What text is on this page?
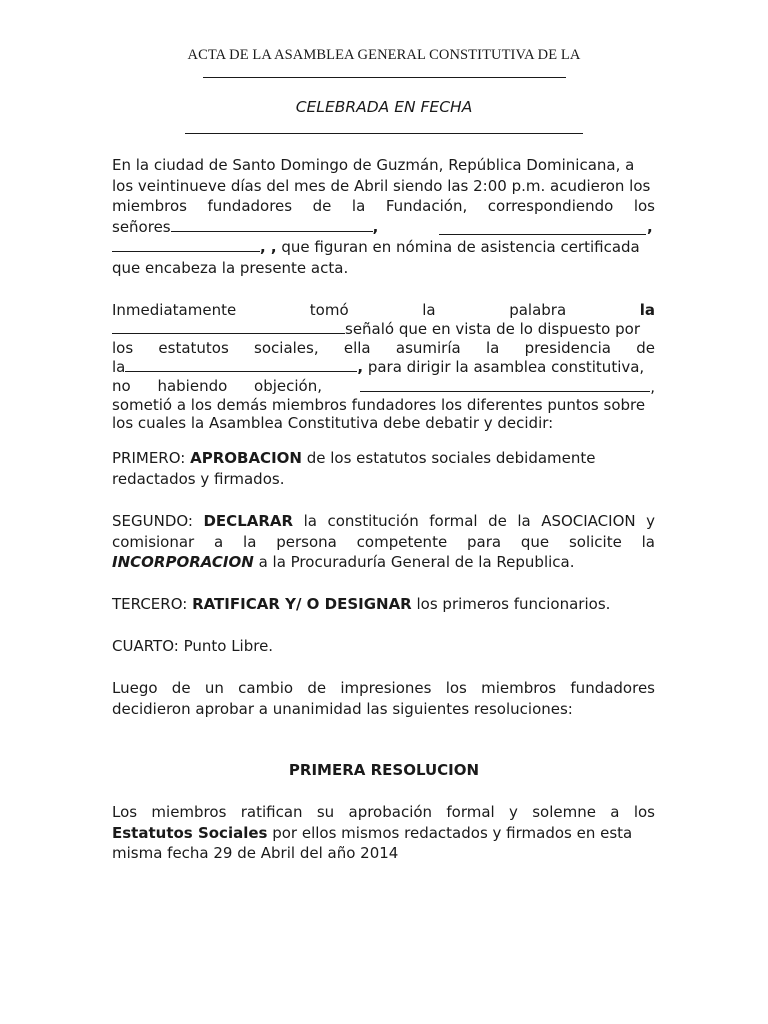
ACTA DE LA ASAMBLEA GENERAL CONSTITUTIVA DE LA
CELEBRADA EN FECHA
En la ciudad de Santo Domingo de Guzmán, República Dominicana, a
los veintinueve días del mes de Abril siendo las 2:00 p.m. acudieron los
miembros fundadores de la Fundación, correspondiendo los
señores	,	,
, , que figuran en nómina de asistencia certificada
que encabeza la presente acta.
Inmediatamente	tomó	la	palabra	la
señaló que en vista de lo dispuesto por
los estatutos sociales, ella asumiría la presidencia de
la	, para dirigir la asamblea constitutiva,
no habiendo objeción,	,
sometió a los demás miembros fundadores los diferentes puntos sobre
los cuales la Asamblea Constitutiva debe debatir y decidir:
PRIMERO: APROBACION de los estatutos sociales debidamente
redactados y firmados.
SEGUNDO: DECLARAR la constitución formal de la ASOCIACION y
comisionar a la persona competente para que solicite la
INCORPORACION a la Procuraduría General de la Republica.
TERCERO: RATIFICAR Y/ O DESIGNAR los primeros funcionarios.
CUARTO: Punto Libre.
Luego de un cambio de impresiones los miembros fundadores
decidieron aprobar a unanimidad las siguientes resoluciones:
PRIMERA RESOLUCION
Los miembros ratifican su aprobación formal y solemne a los
Estatutos Sociales por ellos mismos redactados y firmados en esta
misma fecha 29 de Abril del año 2014
